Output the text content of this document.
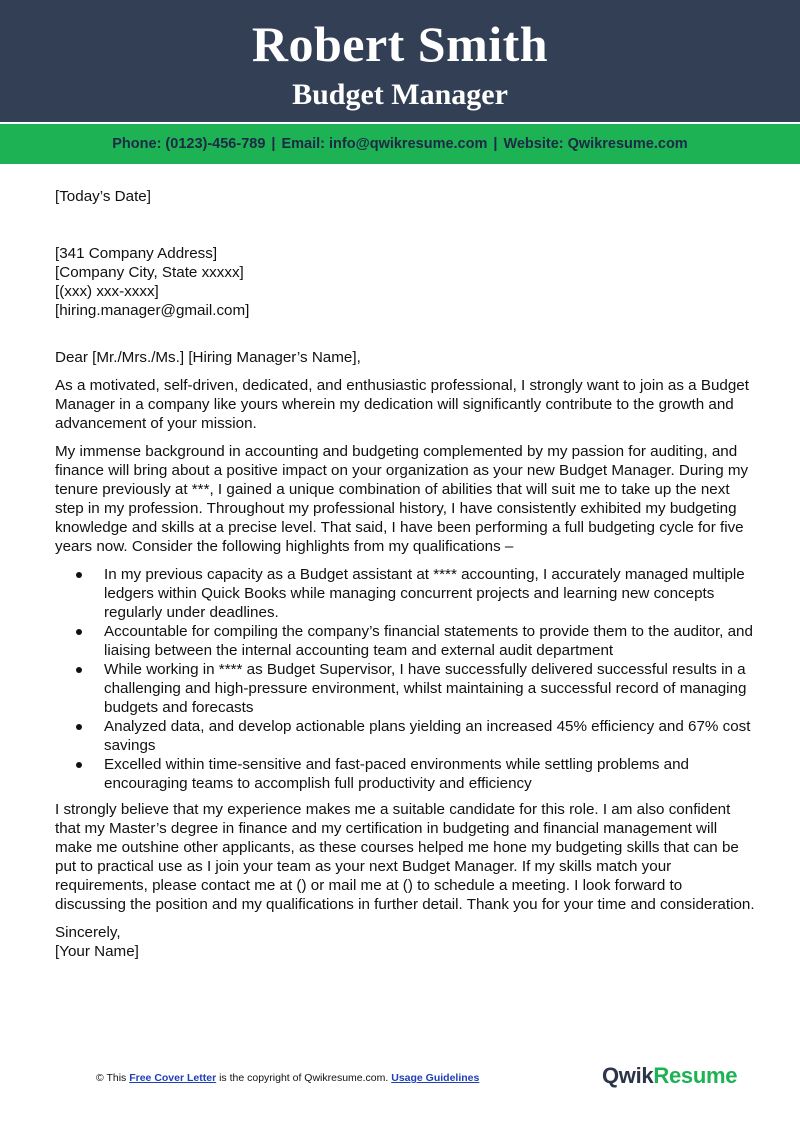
Robert Smith
Budget Manager
Phone: (0123)-456-789 | Email: info@qwikresume.com | Website: Qwikresume.com
[Today’s Date]
[341 Company Address]
[Company City, State xxxxx]
[(xxx) xxx-xxxx]
[hiring.manager@gmail.com]
Dear [Mr./Mrs./Ms.] [Hiring Manager’s Name],

As a motivated, self-driven, dedicated, and enthusiastic professional, I strongly want to join as a Budget Manager in a company like yours wherein my dedication will significantly contribute to the growth and advancement of your mission.

My immense background in accounting and budgeting complemented by my passion for auditing, and finance will bring about a positive impact on your organization as your new Budget Manager. During my tenure previously at ***, I gained a unique combination of abilities that will suit me to take up the next step in my profession. Throughout my professional history, I have consistently exhibited my budgeting knowledge and skills at a precise level. That said, I have been performing a full budgeting cycle for five years now. Consider the following highlights from my qualifications –

In my previous capacity as a Budget assistant at **** accounting, I accurately managed multiple ledgers within Quick Books while managing concurrent projects and learning new concepts regularly under deadlines.
Accountable for compiling the company’s financial statements to provide them to the auditor, and liaising between the internal accounting team and external audit department
While working in **** as Budget Supervisor, I have successfully delivered successful results in a challenging and high-pressure environment, whilst maintaining a successful record of managing budgets and forecasts
Analyzed data, and develop actionable plans yielding an increased 45% efficiency and 67% cost savings
Excelled within time-sensitive and fast-paced environments while settling problems and encouraging teams to accomplish full productivity and efficiency

I strongly believe that my experience makes me a suitable candidate for this role. I am also confident that my Master’s degree in finance and my certification in budgeting and financial management will make me outshine other applicants, as these courses helped me hone my budgeting skills that can be put to practical use as I join your team as your next Budget Manager. If my skills match your requirements, please contact me at () or mail me at () to schedule a meeting. I look forward to discussing the position and my qualifications in further detail. Thank you for your time and consideration.

Sincerely,
[Your Name]
© This Free Cover Letter is the copyright of Qwikresume.com. Usage Guidelines	QwikResume
